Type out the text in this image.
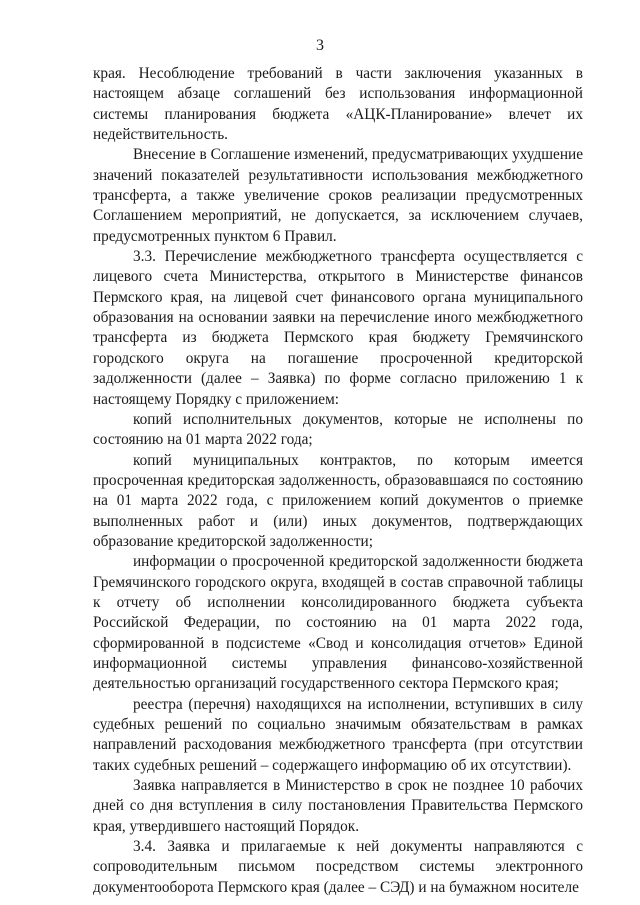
3

края. Несоблюдение требований в части заключения указанных в настоящем абзаце соглашений без использования информационной системы планирования бюджета «АЦК-Планирование» влечет их недействительность.

Внесение в Соглашение изменений, предусматривающих ухудшение значений показателей результативности использования межбюджетного трансферта, а также увеличение сроков реализации предусмотренных Соглашением мероприятий, не допускается, за исключением случаев, предусмотренных пунктом 6 Правил.

3.3. Перечисление межбюджетного трансферта осуществляется с лицевого счета Министерства, открытого в Министерстве финансов Пермского края, на лицевой счет финансового органа муниципального образования на основании заявки на перечисление иного межбюджетного трансферта из бюджета Пермского края бюджету Гремячинского городского округа на погашение просроченной кредиторской задолженности (далее – Заявка) по форме согласно приложению 1 к настоящему Порядку с приложением:

копий исполнительных документов, которые не исполнены по состоянию на 01 марта 2022 года;

копий муниципальных контрактов, по которым имеется просроченная кредиторская задолженность, образовавшаяся по состоянию на 01 марта 2022 года, с приложением копий документов о приемке выполненных работ и (или) иных документов, подтверждающих образование кредиторской задолженности;

информации о просроченной кредиторской задолженности бюджета Гремячинского городского округа, входящей в состав справочной таблицы к отчету об исполнении консолидированного бюджета субъекта Российской Федерации, по состоянию на 01 марта 2022 года, сформированной в подсистеме «Свод и консолидация отчетов» Единой информационной системы управления финансово-хозяйственной деятельностью организаций государственного сектора Пермского края;

реестра (перечня) находящихся на исполнении, вступивших в силу судебных решений по социально значимым обязательствам в рамках направлений расходования межбюджетного трансферта (при отсутствии таких судебных решений – содержащего информацию об их отсутствии).

Заявка направляется в Министерство в срок не позднее 10 рабочих дней со дня вступления в силу постановления Правительства Пермского края, утвердившего настоящий Порядок.

3.4. Заявка и прилагаемые к ней документы направляются с сопроводительным письмом посредством системы электронного документооборота Пермского края (далее – СЭД) и на бумажном носителе
